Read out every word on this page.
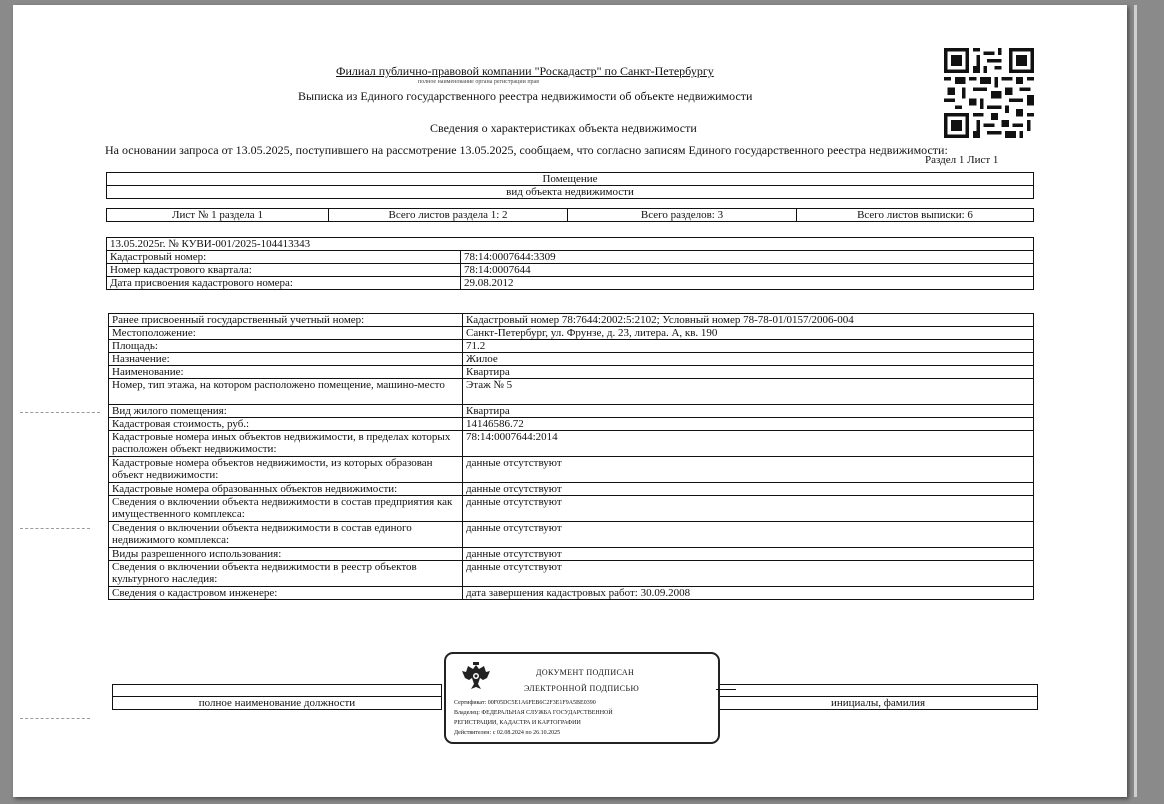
Филиал публично-правовой компании "Роскадастр" по Санкт-Петербургу
полное наименование органа регистрации прав
Выписка из Единого государственного реестра недвижимости об объекте недвижимости
Сведения о характеристиках объекта недвижимости
На основании запроса от 13.05.2025, поступившего на рассмотрение 13.05.2025, сообщаем, что согласно записям Единого государственного реестра недвижимости:
Раздел 1 Лист 1
Помещение
вид объекта недвижимости
Лист № 1 раздела 1	Всего листов раздела 1: 2	Всего разделов: 3	Всего листов выписки: 6
13.05.2025г. № КУВИ-001/2025-104413343	
Кадастровый номер:	78:14:0007644:3309
Номер кадастрового квартала:	78:14:0007644
Дата присвоения кадастрового номера:	29.08.2012
Ранее присвоенный государственный учетный номер:	Кадастровый номер 78:7644:2002:5:2102; Условный номер 78-78-01/0157/2006-004
Местоположение:	Санкт-Петербург, ул. Фрунзе, д. 23, литера. А, кв. 190
Площадь:	71.2
Назначение:	Жилое
Наименование:	Квартира
Номер, тип этажа, на котором расположено помещение, машино-место	Этаж № 5
Вид жилого помещения:	Квартира
Кадастровая стоимость, руб.:	14146586.72
Кадастровые номера иных объектов недвижимости, в пределах которых расположен объект недвижимости:	78:14:0007644:2014
Кадастровые номера объектов недвижимости, из которых образован объект недвижимости:	данные отсутствуют
Кадастровые номера образованных объектов недвижимости:	данные отсутствуют
Сведения о включении объекта недвижимости в состав предприятия как имущественного комплекса:	данные отсутствуют
Сведения о включении объекта недвижимости в состав единого недвижимого комплекса:	данные отсутствуют
Виды разрешенного использования:	данные отсутствуют
Сведения о включении объекта недвижимости в реестр объектов культурного наследия:	данные отсутствуют
Сведения о кадастровом инженере:	дата завершения кадастровых работ: 30.09.2008

полное наименование должности		инициалы, фамилия
ДОКУМЕНТ ПОДПИСАН
ЭЛЕКТРОННОЙ ПОДПИСЬЮ
Сертификат: 00F05DC5E1A6FEB6C2F3E1F9A5BE0390
Владелец: ФЕДЕРАЛЬНАЯ СЛУЖБА ГОСУДАРСТВЕННОЙ
РЕГИСТРАЦИИ, КАДАСТРА И КАРТОГРАФИИ
Действителен: с 02.08.2024 по 26.10.2025
